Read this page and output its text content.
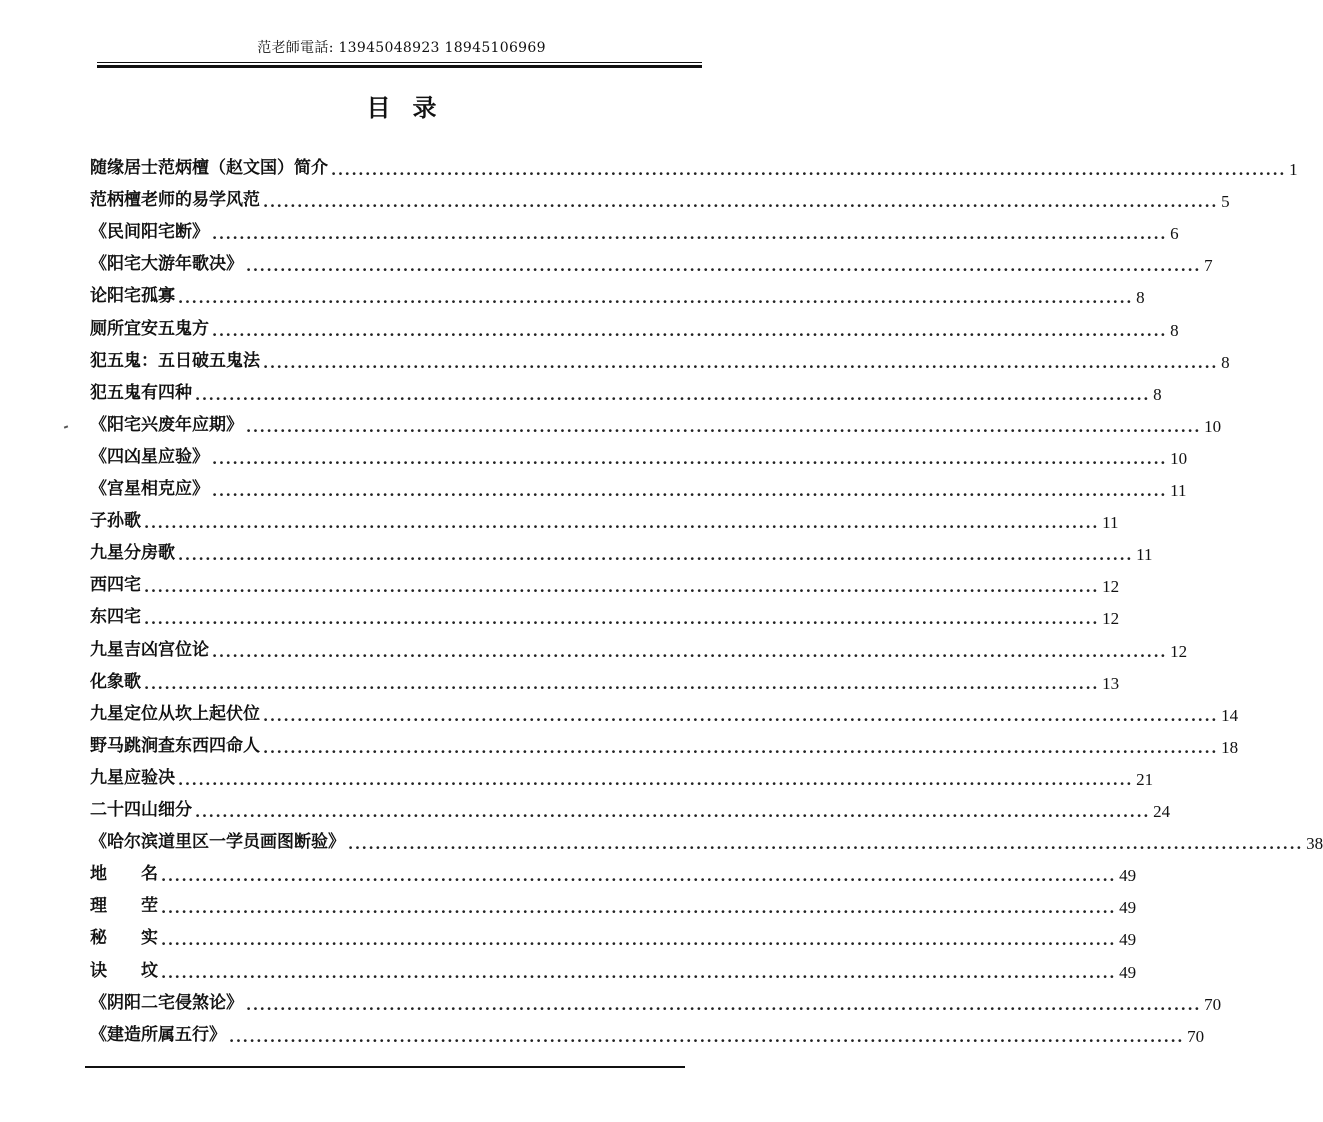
范老師電話: 13945048923 18945106969
目录
随缘居士范炳檀（赵文国）简介 ............................................................................................................................................ 1
范柄檀老师的易学风范 ............................................................................................................................................ 5
《民间阳宅断》 ............................................................................................................................................ 6
《阳宅大游年歌决》 ............................................................................................................................................ 7
论阳宅孤寡 ............................................................................................................................................ 8
厕所宜安五鬼方 ............................................................................................................................................ 8
犯五鬼：五日破五鬼法 ............................................................................................................................................ 8
犯五鬼有四种 ............................................................................................................................................ 8
《阳宅兴废年应期》 ............................................................................................................................................ 10
《四凶星应验》 ............................................................................................................................................ 10
《宫星相克应》 ............................................................................................................................................ 11
子孙歌 ............................................................................................................................................ 11
九星分房歌 ............................................................................................................................................ 11
西四宅 ............................................................................................................................................ 12
东四宅 ............................................................................................................................................ 12
九星吉凶宫位论 ............................................................................................................................................ 12
化象歌 ............................................................................................................................................ 13
九星定位从坎上起伏位 ............................................................................................................................................ 14
野马跳涧查东西四命人 ............................................................................................................................................ 18
九星应验决 ............................................................................................................................................ 21
二十四山细分 ............................................................................................................................................ 24
《哈尔滨道里区一学员画图断验》 ............................................................................................................................................ 38
地　　名 ............................................................................................................................................ 49
理　　茔 ............................................................................................................................................ 49
秘　　实 ............................................................................................................................................ 49
诀　　坟 ............................................................................................................................................ 49
《阴阳二宅侵煞论》 ............................................................................................................................................ 70
《建造所属五行》 ............................................................................................................................................ 70
